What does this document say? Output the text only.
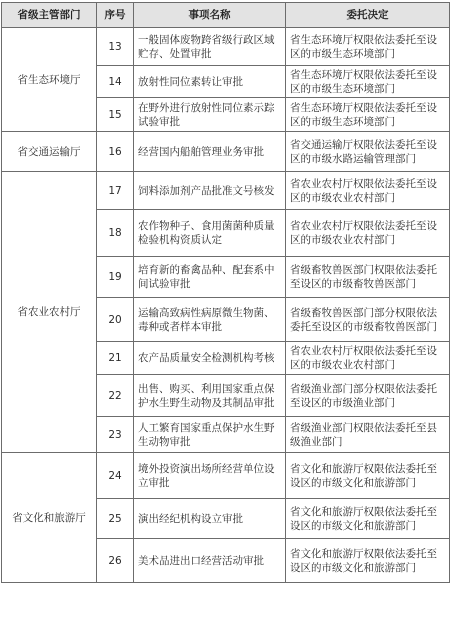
省级主管部门	序号	事项名称	委托决定
省生态环境厅	13	一般固体废物跨省级行政区域贮存、处置审批	省生态环境厅权限依法委托至设区的市级生态环境部门
	14	放射性同位素转让审批	省生态环境厅权限依法委托至设区的市级生态环境部门
	15	在野外进行放射性同位素示踪试验审批	省生态环境厅权限依法委托至设区的市级生态环境部门
省交通运输厅	16	经营国内船舶管理业务审批	省交通运输厅权限依法委托至设区的市级水路运输管理部门
省农业农村厅	17	饲料添加剂产品批准文号核发	省农业农村厅权限依法委托至设区的市级农业农村部门
	18	农作物种子、食用菌菌种质量检验机构资质认定	省农业农村厅权限依法委托至设区的市级农业农村部门
	19	培育新的畜禽品种、配套系中间试验审批	省级畜牧兽医部门权限依法委托至设区的市级畜牧兽医部门
	20	运输高致病性病原微生物菌、毒种或者样本审批	省级畜牧兽医部门部分权限依法委托至设区的市级畜牧兽医部门
	21	农产品质量安全检测机构考核	省农业农村厅权限依法委托至设区的市级农业农村部门
	22	出售、购买、利用国家重点保护水生野生动物及其制品审批	省级渔业部门部分权限依法委托至设区的市级渔业部门
	23	人工繁育国家重点保护水生野生动物审批	省级渔业部门权限依法委托至县级渔业部门
省文化和旅游厅	24	境外投资演出场所经营单位设立审批	省文化和旅游厅权限依法委托至设区的市级文化和旅游部门
	25	演出经纪机构设立审批	省文化和旅游厅权限依法委托至设区的市级文化和旅游部门
	26	美术品进出口经营活动审批	省文化和旅游厅权限依法委托至设区的市级文化和旅游部门
